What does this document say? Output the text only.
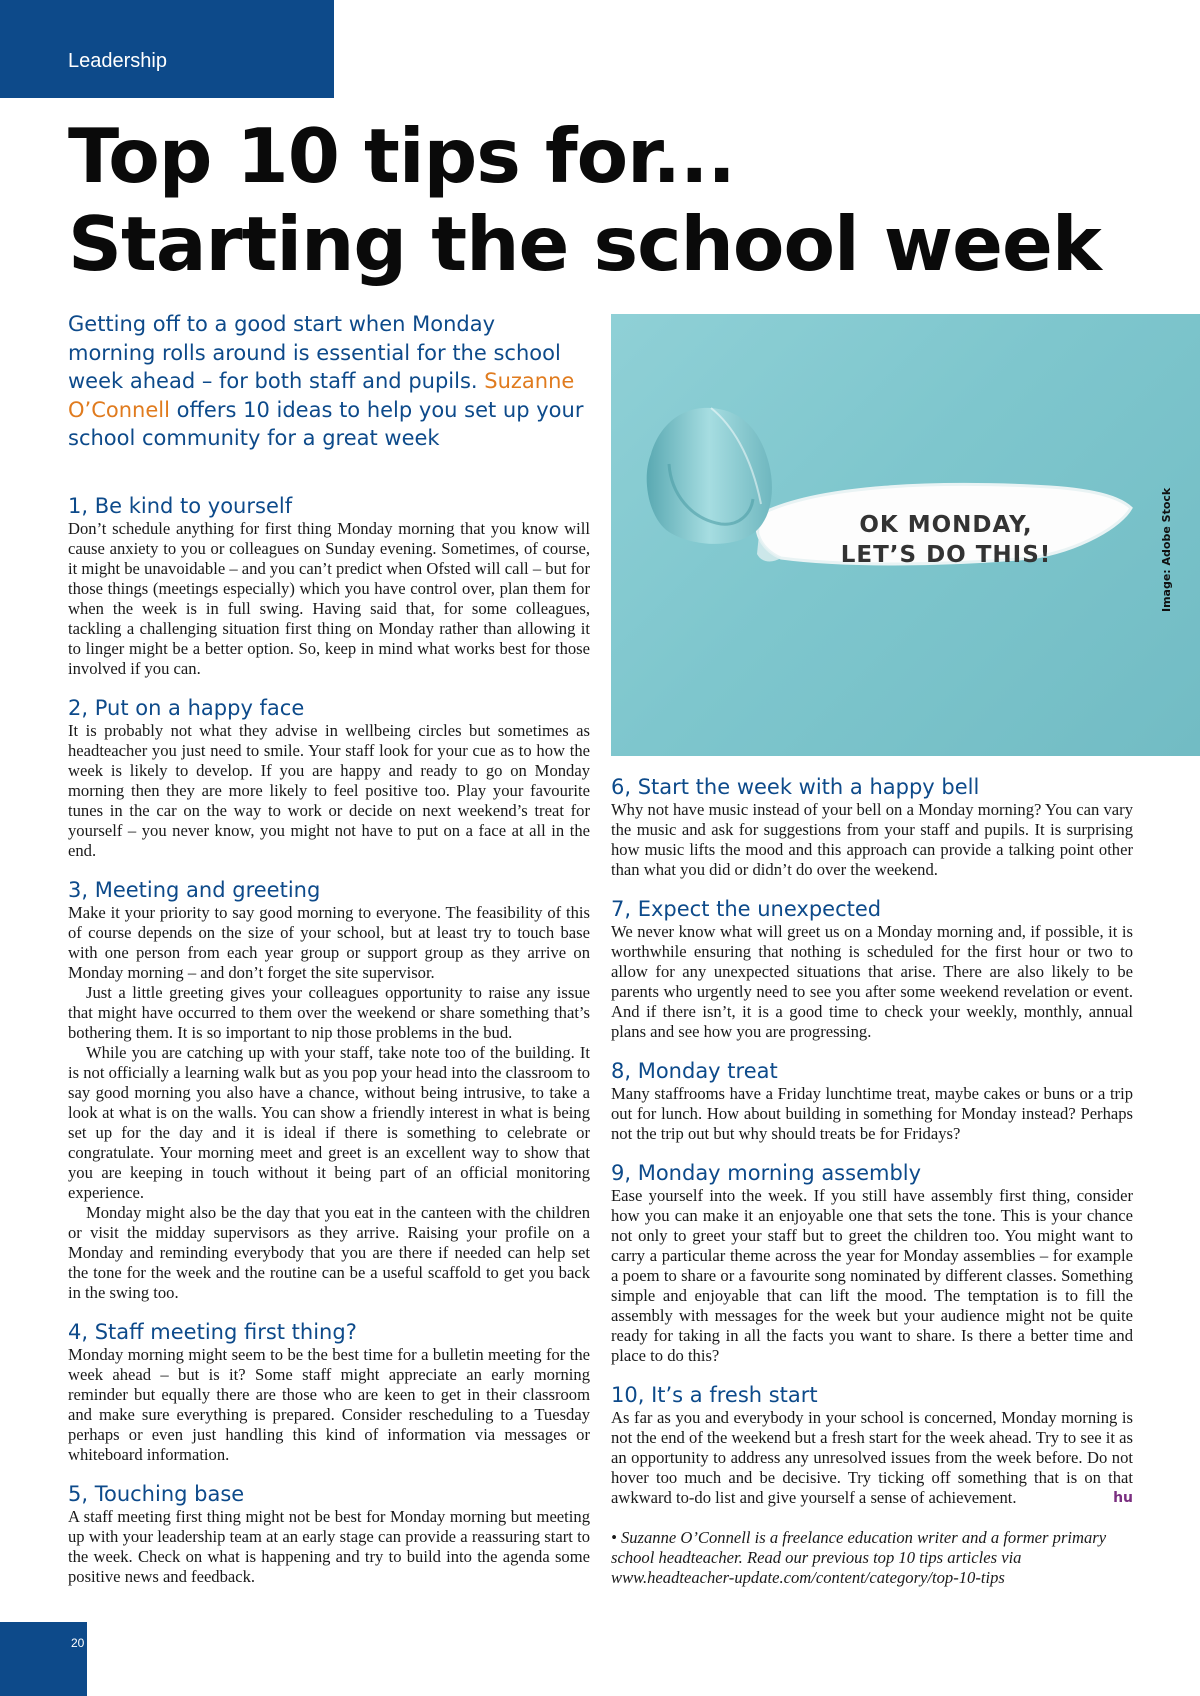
Leadership
Top 10 tips for...
Starting the school week

Getting off to a good start when Monday morning rolls around is essential for the school week ahead – for both staff and pupils. Suzanne O’Connell offers 10 ideas to help you set up your school community for a great week

1, Be kind to yourself

Don’t schedule anything for first thing Monday morning that you know will cause anxiety to you or colleagues on Sunday evening. Sometimes, of course, it might be unavoidable – and you can’t predict when Ofsted will call – but for those things (meetings especially) which you have control over, plan them for when the week is in full swing. Having said that, for some colleagues, tackling a challenging situation first thing on Monday rather than allowing it to linger might be a better option. So, keep in mind what works best for those involved if you can.

2, Put on a happy face

It is probably not what they advise in wellbeing circles but sometimes as headteacher you just need to smile. Your staff look for your cue as to how the week is likely to develop. If you are happy and ready to go on Monday morning then they are more likely to feel positive too. Play your favourite tunes in the car on the way to work or decide on next weekend’s treat for yourself – you never know, you might not have to put on a face at all in the end.

3, Meeting and greeting

Make it your priority to say good morning to everyone. The feasibility of this of course depends on the size of your school, but at least try to touch base with one person from each year group or support group as they arrive on Monday morning – and don’t forget the site supervisor.

Just a little greeting gives your colleagues opportunity to raise any issue that might have occurred to them over the weekend or share something that’s bothering them. It is so important to nip those problems in the bud.

While you are catching up with your staff, take note too of the building. It is not officially a learning walk but as you pop your head into the classroom to say good morning you also have a chance, without being intrusive, to take a look at what is on the walls. You can show a friendly interest in what is being set up for the day and it is ideal if there is something to celebrate or congratulate. Your morning meet and greet is an excellent way to show that you are keeping in touch without it being part of an official monitoring experience.

Monday might also be the day that you eat in the canteen with the children or visit the midday supervisors as they arrive. Raising your profile on a Monday and reminding everybody that you are there if needed can help set the tone for the week and the routine can be a useful scaffold to get you back in the swing too.

4, Staff meeting first thing?

Monday morning might seem to be the best time for a bulletin meeting for the week ahead – but is it? Some staff might appreciate an early morning reminder but equally there are those who are keen to get in their classroom and make sure everything is prepared. Consider rescheduling to a Tuesday perhaps or even just handling this kind of information via messages or whiteboard information.

5, Touching base

A staff meeting first thing might not be best for Monday morning but meeting up with your leadership team at an early stage can provide a reassuring start to the week. Check on what is happening and try to build into the agenda some positive news and feedback.

OK MONDAY,
LET’S DO THIS!	Image: Adobe Stock
6, Start the week with a happy bell

Why not have music instead of your bell on a Monday morning? You can vary the music and ask for suggestions from your staff and pupils. It is surprising how music lifts the mood and this approach can provide a talking point other than what you did or didn’t do over the weekend.

7, Expect the unexpected

We never know what will greet us on a Monday morning and, if possible, it is worthwhile ensuring that nothing is scheduled for the first hour or two to allow for any unexpected situations that arise. There are also likely to be parents who urgently need to see you after some weekend revelation or event. And if there isn’t, it is a good time to check your weekly, monthly, annual plans and see how you are progressing.

8, Monday treat

Many staffrooms have a Friday lunchtime treat, maybe cakes or buns or a trip out for lunch. How about building in something for Monday instead? Perhaps not the trip out but why should treats be for Fridays?

9, Monday morning assembly

Ease yourself into the week. If you still have assembly first thing, consider how you can make it an enjoyable one that sets the tone. This is your chance not only to greet your staff but to greet the children too. You might want to carry a particular theme across the year for Monday assemblies – for example a poem to share or a favourite song nominated by different classes. Something simple and enjoyable that can lift the mood. The temptation is to fill the assembly with messages for the week but your audience might not be quite ready for taking in all the facts you want to share. Is there a better time and place to do this?

10, It’s a fresh start

As far as you and everybody in your school is concerned, Monday morning is not the end of the weekend but a fresh start for the week ahead. Try to see it as an opportunity to address any unresolved issues from the week before. Do not hover too much and be decisive. Try ticking off something that is on that awkward to-do list and give yourself a sense of achievement.	hu

• Suzanne O’Connell is a freelance education writer and a former primary school headteacher. Read our previous top 10 tips articles via www.headteacher-update.com/content/category/top-10-tips

20
